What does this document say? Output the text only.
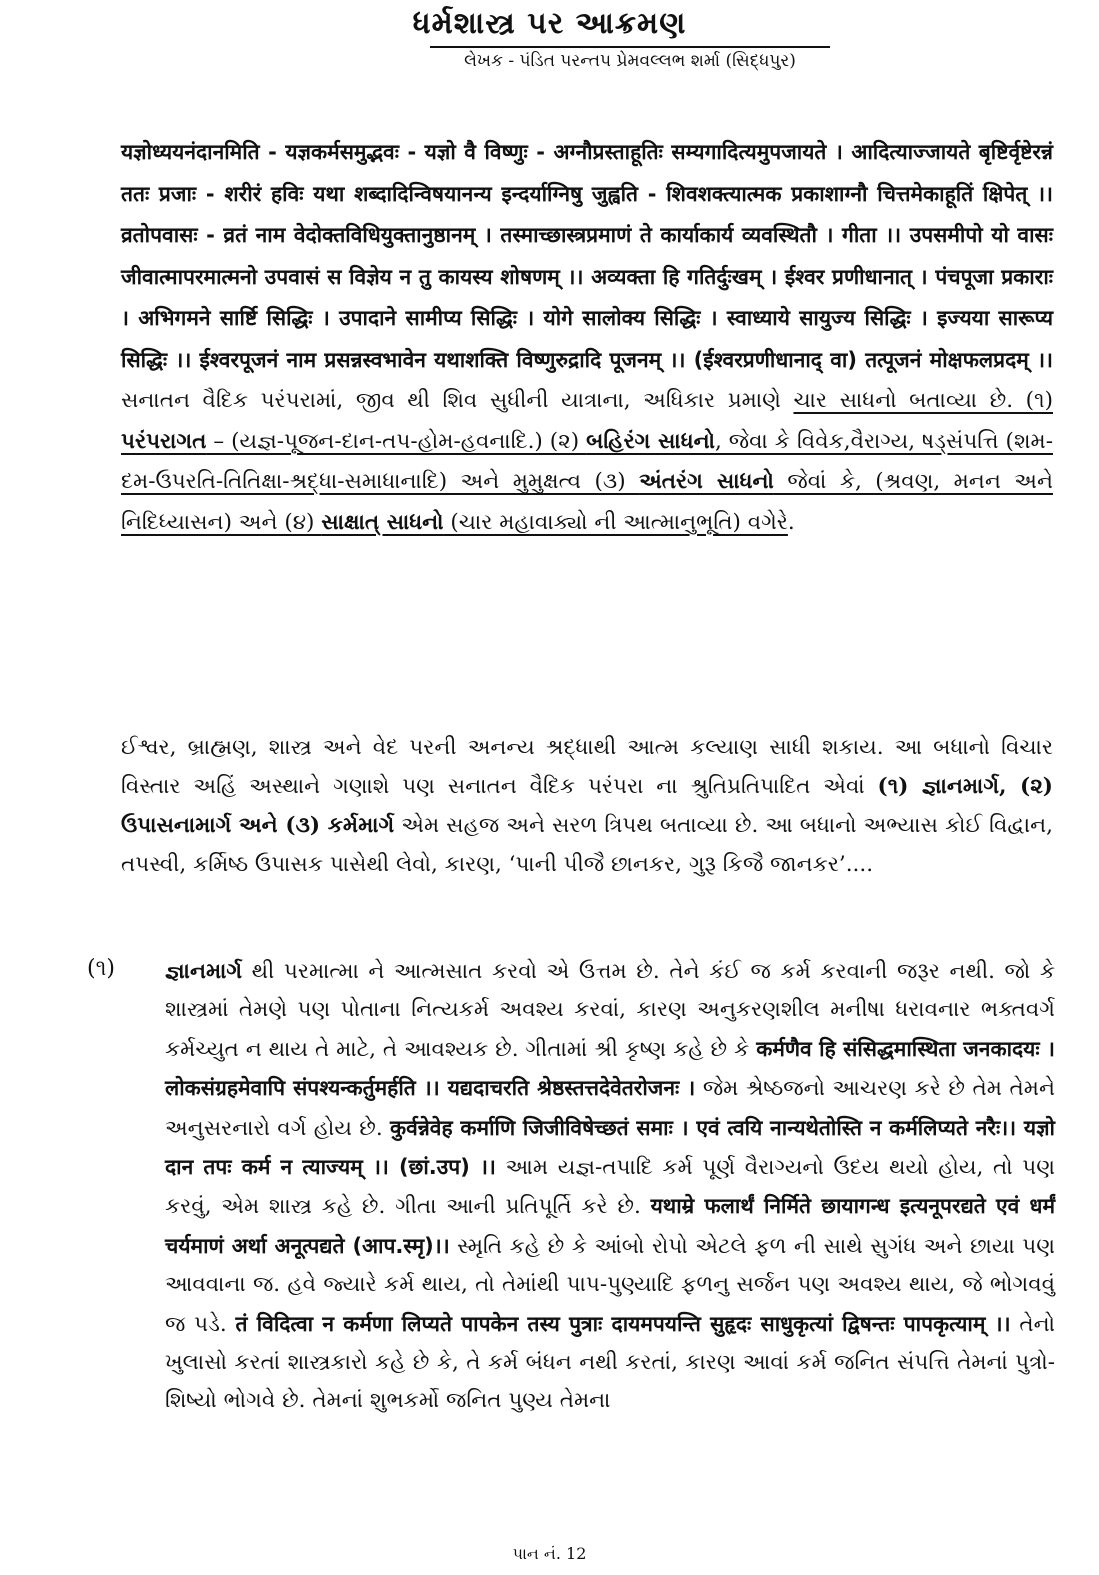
ધર્મશાસ્ત્ર પર આક્રમણ
લેખક - પંડિત પરન્તપ પ્રેમવલ્લભ શર્મા (સિદ્ધપુર)

यज्ञोध्ययनंदानमिति - यज्ञकर्मसमुद्भवः - यज्ञो वै विष्णुः - अग्नौप्रस्ताहूतिः सम्यगादित्यमुपजायते । आदित्याज्जायते बृष्टिर्वृष्टेरन्नं ततः प्रजाः - शरीरं हविः यथा शब्दादिन्विषयानन्य इन्दर्याग्निषु जुह्वति - शिवशक्त्यात्मक प्रकाशाग्नौ चित्तमेकाहूतिं क्षिपेत् ।। व्रतोपवासः - व्रतं नाम वेदोक्तविधियुक्तानुष्ठानम् । तस्माच्छास्त्रप्रमाणं ते कार्याकार्य व्यवस्थितौ । गीता ।। उपसमीपो यो वासः जीवात्मापरमात्मनो उपवासं स विज्ञेय न तु कायस्य शोषणम् ।। अव्यक्ता हि गतिर्दुःखम् । ईश्वर प्रणीधानात् । पंचपूजा प्रकाराः । अभिगमने सार्ष्टि सिद्धिः । उपादाने सामीप्य सिद्धिः । योगे सालोक्य सिद्धिः । स्वाध्याये सायुज्य सिद्धिः । इज्यया सारूप्य सिद्धिः ।। ईश्वरपूजनं नाम प्रसन्नस्वभावेन यथाशक्ति विष्णुरुद्रादि पूजनम् ।। (ईश्वरप्रणीधानाद् वा) तत्पूजनं मोक्षफलप्रदम् ।। સનાતન વૈદિક પરંપરામાં, જીવ થી શિવ સુધીની યાત્રાના, અધિકાર પ્રમાણે ચાર સાધનો બતાવ્યા છે. (૧) પરંપરાગત – (યજ્ઞ-પૂજન-દાન-તપ-હોમ-હવનાદિ.) (૨) બહિરંગ સાધનો, જેવા કે વિવેક,વૈરાગ્ય, ષડ્સંપત્તિ (શમ-દમ-ઉપરતિ-તિતિક્ષા-શ્રદ્ધા-સમાધાનાદિ) અને મુમુક્ષત્વ (૩) અંતરંગ સાધનો જેવાં કે, (શ્રવણ, મનન અને નિદિધ્યાસન) અને (૪) સાક્ષાત્ સાધનો (ચાર મહાવાક્યો ની આત્માનુભૂતિ) વગેરે.

ઈશ્વર, બ્રાહ્મણ, શાસ્ત્ર અને વેદ પરની અનન્ય શ્રદ્ધાથી આત્મ કલ્યાણ સાધી શકાય. આ બધાનો વિચાર વિસ્તાર અહિં અસ્થાને ગણાશે પણ સનાતન વૈદિક પરંપરા ના શ્રુતિપ્રતિપાદિત એવાં (૧) જ્ઞાનમાર્ગ, (૨) ઉપાસનામાર્ગ અને (૩) કર્મમાર્ગ એમ સહજ અને સરળ ત્રિપથ બતાવ્યા છે. આ બધાનો અભ્યાસ કોઈ વિદ્વાન, તપસ્વી, કર્મિષ્ઠ ઉપાસક પાસેથી લેવો, કારણ, ‘પાની પીજૈ છાનકર, ગુરૂ કિજૈ જાનકર’....

(૧) જ્ઞાનમાર્ગ થી પરમાત્મા ને આત્મસાત કરવો એ ઉત્તમ છે. તેને કંઈ જ કર્મ કરવાની જરૂર નથી. જો કે શાસ્ત્રમાં તેમણે પણ પોતાના નિત્યકર્મ અવશ્ય કરવાં, કારણ અનુકરણશીલ મનીષા ધરાવનાર ભક્તવર્ગ કર્મચ્યુત ન થાય તે માટે, તે આવશ્યક છે. ગીતામાં શ્રી કૃષ્ણ કહે છે કે कर्मणैव हि संसिद्धमास्थिता जनकादयः । लोकसंग्रहमेवापि संपश्यन्कर्तुमर्हति ।। यद्यदाचरति श्रेष्ठस्तत्तदेवेतरोजनः । જેમ શ્રેષ્ઠજનો આચરણ કરે છે તેમ તેમને અનુસરનારો વર્ગ હોય છે. कुर्वन्नेवेह कर्माणि जिजीविषेच्छतं समाः । एवं त्वयि नान्यथेतोस्ति न कर्मलिप्यते नरैः।। यज्ञो दान तपः कर्म न त्याज्यम् ।। (छां.उप) ।। આમ યજ્ઞ-તપાદિ કર્મ પૂર્ણ વૈરાગ્યનો ઉદય થયો હોય, તો પણ કરવું, એમ શાસ્ત્ર કહે છે. ગીતા આની પ્રતિપૂર્તિ કરે છે. यथाम्रे फलार्थं निर्मिते छायागन्ध इत्यनूपरद्यते एवं धर्मं चर्यमाणं अर्था अनूत्पद्यते (आप.स्मृ)।। સ્મૃતિ કહે છે કે આંબો રોપો એટલે ફળ ની સાથે સુગંધ અને છાયા પણ આવવાના જ. હવે જ્યારે કર્મ થાય, તો તેમાંથી પાપ-પુણ્યાદિ ફળનુ સર્જન પણ અવશ્ય થાય, જે ભોગવવું જ પડે. तं विदित्वा न कर्मणा लिप्यते पापकेन तस्य पुत्राः दायमपयन्ति सुहृदः साधुकृत्यां द्विषन्तः पापकृत्याम् ।। તેનો ખુલાસો કરતાં શાસ્ત્રકારો કહે છે કે, તે કર્મ બંધન નથી કરતાં, કારણ આવાં કર્મ જનિત સંપત્તિ તેમનાં પુત્રો-શિષ્યો ભોગવે છે. તેમનાં શુભકર્મો જનિત પુણ્ય તેમના

પાન નં. 12
